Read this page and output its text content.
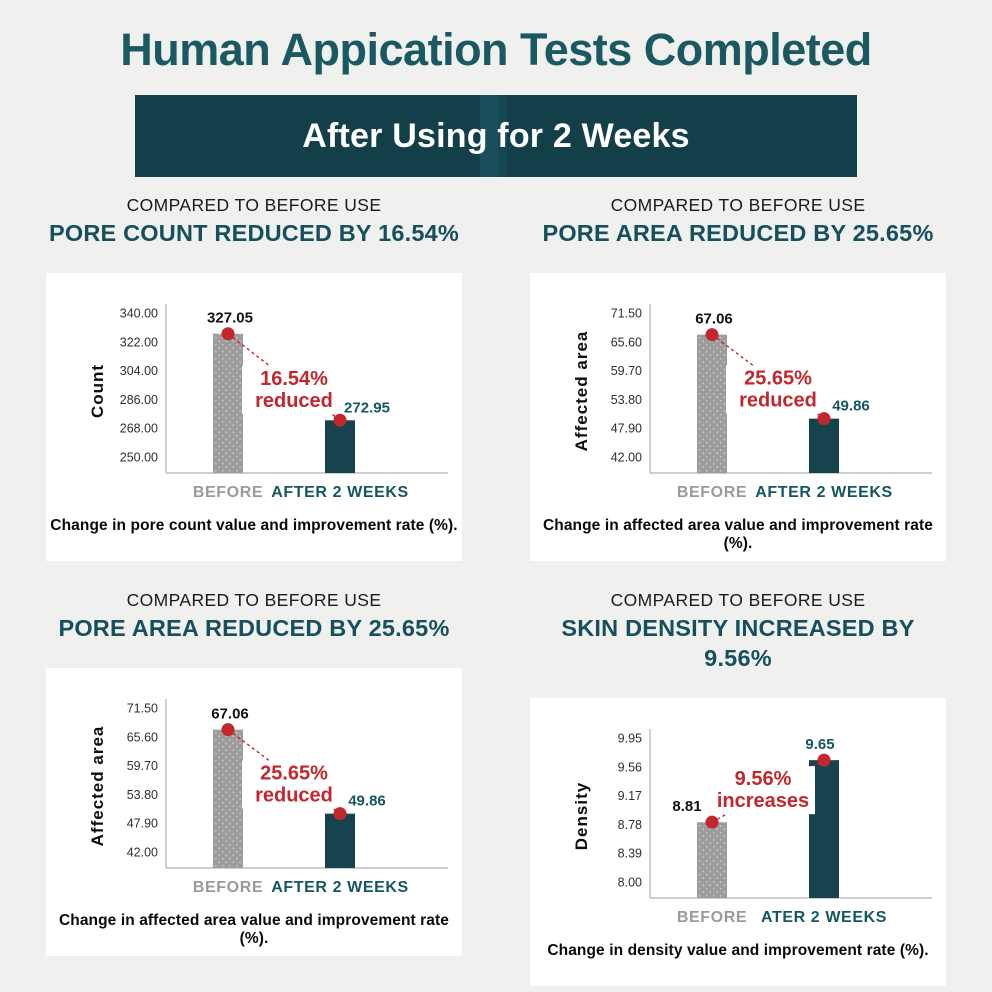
Human Appication Tests Completed
After Using for 2 Weeks
COMPARED TO BEFORE USE
PORE COUNT REDUCED BY 16.54%
340.00
322.00
304.00
286.00
268.00
250.00
Count	16.54%
reduced
327.05
272.95
BEFORE AFTER 2 WEEKS
Change in pore count value and improvement rate (%).
COMPARED TO BEFORE USE
PORE AREA REDUCED BY 25.65%
71.50
65.60
59.70
53.80
47.90
42.00
Affected area	25.65%
reduced
67.06
49.86
BEFORE AFTER 2 WEEKS
Change in affected area value and improvement rate (%).
COMPARED TO BEFORE USE
PORE AREA REDUCED BY 25.65%
71.50
65.60
59.70
53.80
47.90
42.00
Affected area	25.65%
reduced
67.06
49.86
BEFORE AFTER 2 WEEKS
Change in affected area value and improvement rate (%).
COMPARED TO BEFORE USE
SKIN DENSITY INCREASED BY 9.56%
9.95
9.56
9.17
8.78
8.39
8.00
Density
9.56%
increases
8.81
9.65
BEFORE ATER 2 WEEKS
Change in density value and improvement rate (%).
